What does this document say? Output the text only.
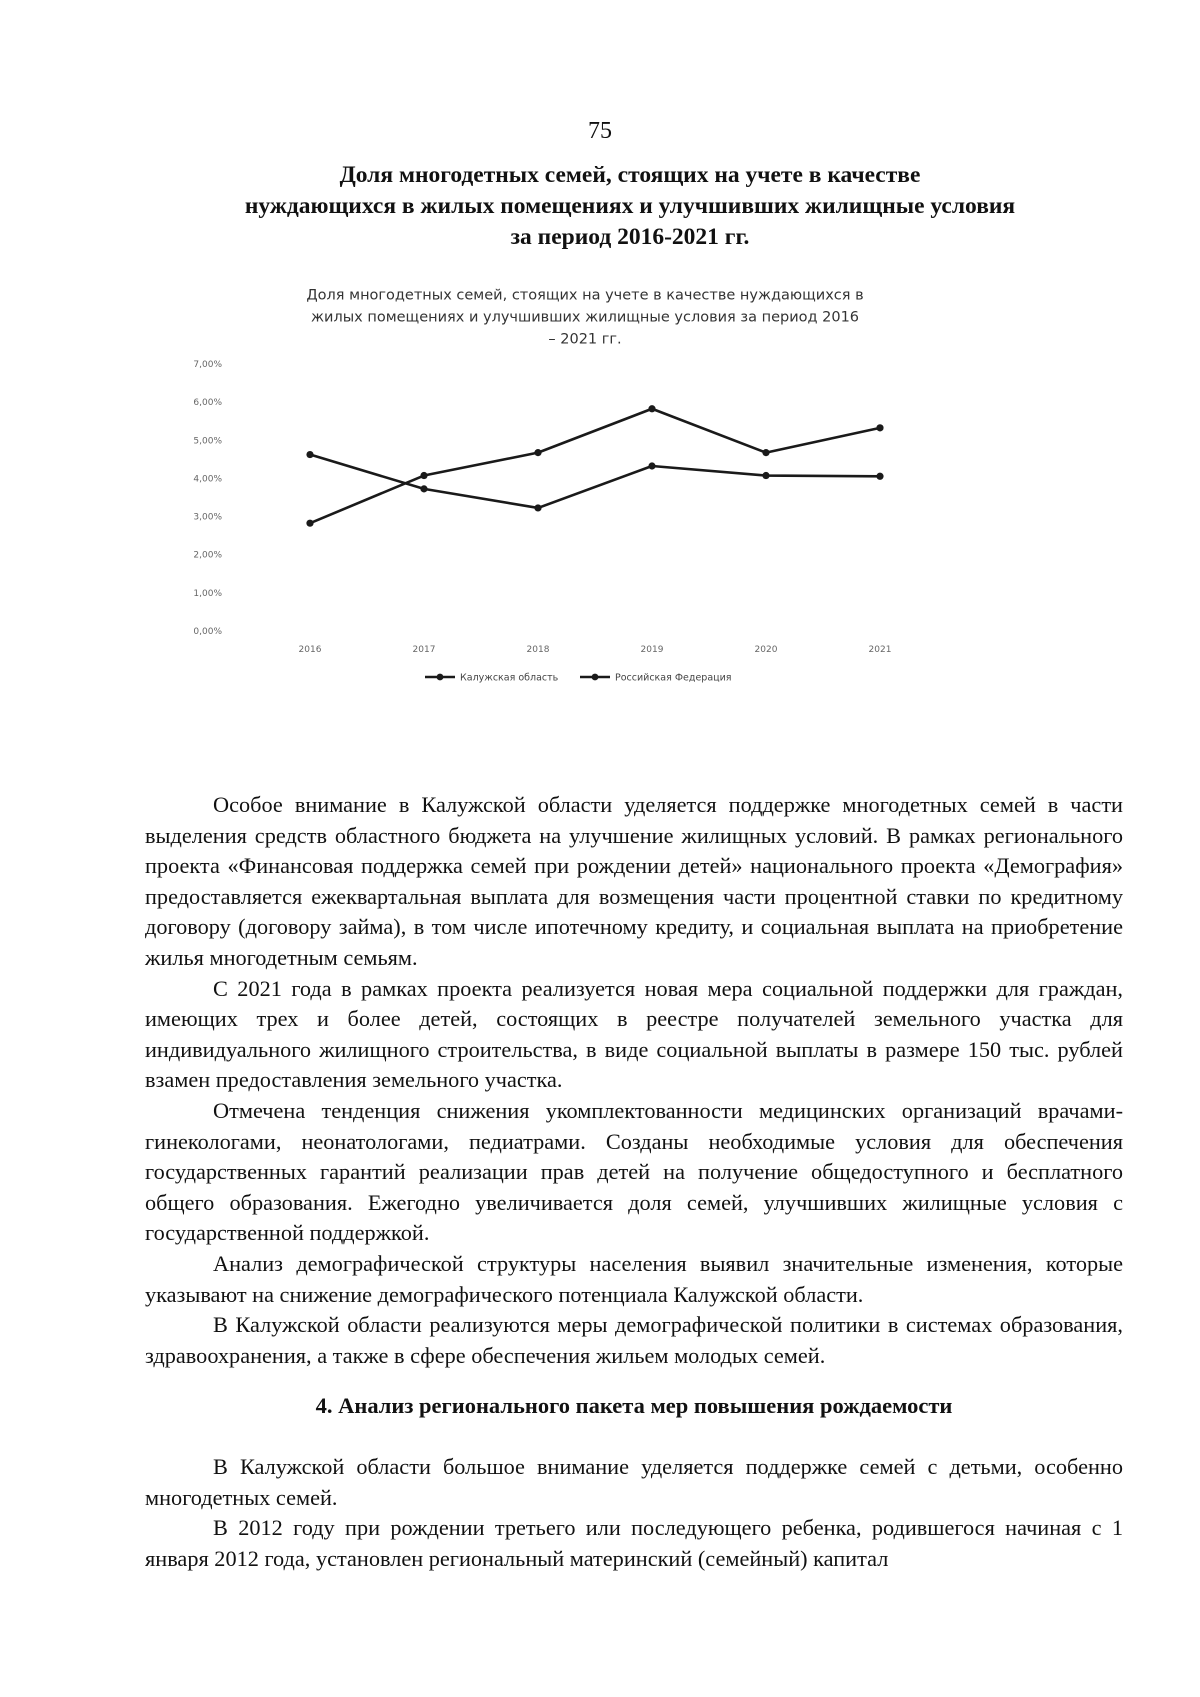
75
Доля многодетных семей, стоящих на учете в качестве
нуждающихся в жилых помещениях и улучшивших жилищные условия
за период 2016-2021 гг.
Доля многодетных семей, стоящих на учете в качестве нуждающихся в
жилых помещениях и улучшивших жилищные условия за период 2016
– 2021 гг.
0,00%
1,00%
2,00%
3,00%
4,00%
5,00%
6,00%
7,00%
2016	2017	2018	2019	2020	2021
Калужская область	Российская Федерация

Особое внимание в Калужской области уделяется поддержке многодетных семей в части выделения средств областного бюджета на улучшение жилищных условий. В рамках регионального проекта «Финансовая поддержка семей при рождении детей» национального проекта «Демография» предоставляется ежеквартальная выплата для возмещения части процентной ставки по кредитному договору (договору займа), в том числе ипотечному кредиту, и социальная выплата на приобретение жилья многодетным семьям.

С 2021 года в рамках проекта реализуется новая мера социальной поддержки для граждан, имеющих трех и более детей, состоящих в реестре получателей земельного участка для индивидуального жилищного строительства, в виде социальной выплаты в размере 150 тыс. рублей взамен предоставления земельного участка.

Отмечена тенденция снижения укомплектованности медицинских организаций врачами-гинекологами, неонатологами, педиатрами. Созданы необходимые условия для обеспечения государственных гарантий реализации прав детей на получение общедоступного и бесплатного общего образования. Ежегодно увеличивается доля семей, улучшивших жилищные условия с государственной поддержкой.

Анализ демографической структуры населения выявил значительные изменения, которые указывают на снижение демографического потенциала Калужской области.

В Калужской области реализуются меры демографической политики в системах образования, здравоохранения, а также в сфере обеспечения жильем молодых семей.

4. Анализ регионального пакета мер повышения рождаемости

В Калужской области большое внимание уделяется поддержке семей с детьми, особенно многодетных семей.

В 2012 году при рождении третьего или последующего ребенка, родившегося начиная с 1 января 2012 года, установлен региональный материнский (семейный) капитал
